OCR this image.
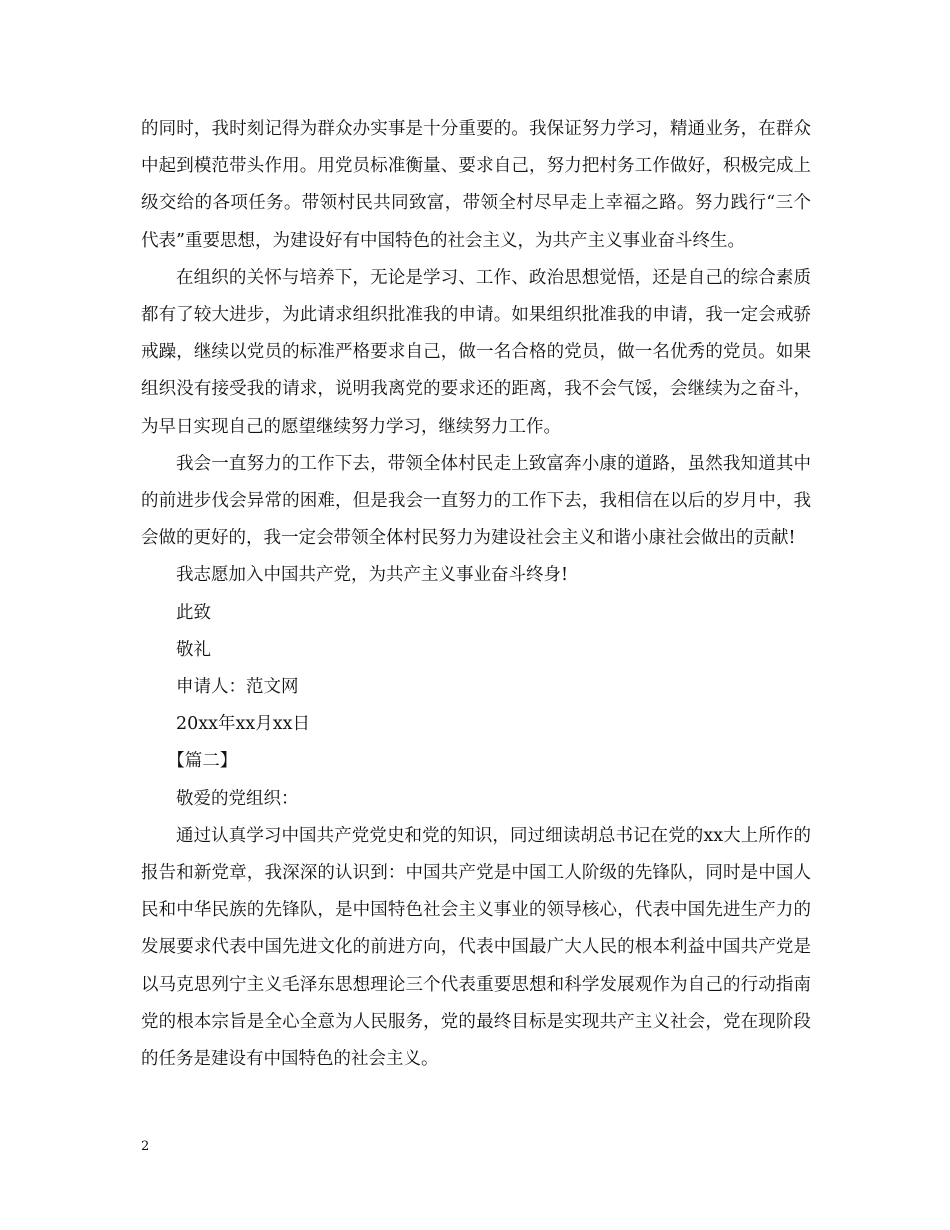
的同时，我时刻记得为群众办实事是十分重要的。我保证努力学习，精通业务，在群众中起到模范带头作用。用党员标准衡量、要求自己，努力把村务工作做好，积极完成上级交给的各项任务。带领村民共同致富，带领全村尽早走上幸福之路。努力践行“三个代表”重要思想，为建设好有中国特色的社会主义，为共产主义事业奋斗终生。

在组织的关怀与培养下，无论是学习、工作、政治思想觉悟，还是自己的综合素质都有了较大进步，为此请求组织批准我的申请。如果组织批准我的申请，我一定会戒骄戒躁，继续以党员的标准严格要求自己，做一名合格的党员，做一名优秀的党员。如果组织没有接受我的请求，说明我离党的要求还的距离，我不会气馁，会继续为之奋斗，为早日实现自己的愿望继续努力学习，继续努力工作。

我会一直努力的工作下去，带领全体村民走上致富奔小康的道路，虽然我知道其中的前进步伐会异常的困难，但是我会一直努力的工作下去，我相信在以后的岁月中，我会做的更好的，我一定会带领全体村民努力为建设社会主义和谐小康社会做出的贡献!

我志愿加入中国共产党，为共产主义事业奋斗终身!

此致

敬礼

申请人：范文网

20xx年xx月xx日

【篇二】

敬爱的党组织：

通过认真学习中国共产党党史和党的知识，同过细读胡总书记在党的xx大上所作的报告和新党章，我深深的认识到：中国共产党是中国工人阶级的先锋队，同时是中国人民和中华民族的先锋队，是中国特色社会主义事业的领导核心，代表中国先进生产力的发展要求代表中国先进文化的前进方向，代表中国最广大人民的根本利益中国共产党是以马克思列宁主义毛泽东思想理论三个代表重要思想和科学发展观作为自己的行动指南党的根本宗旨是全心全意为人民服务，党的最终目标是实现共产主义社会，党在现阶段的任务是建设有中国特色的社会主义。

2
